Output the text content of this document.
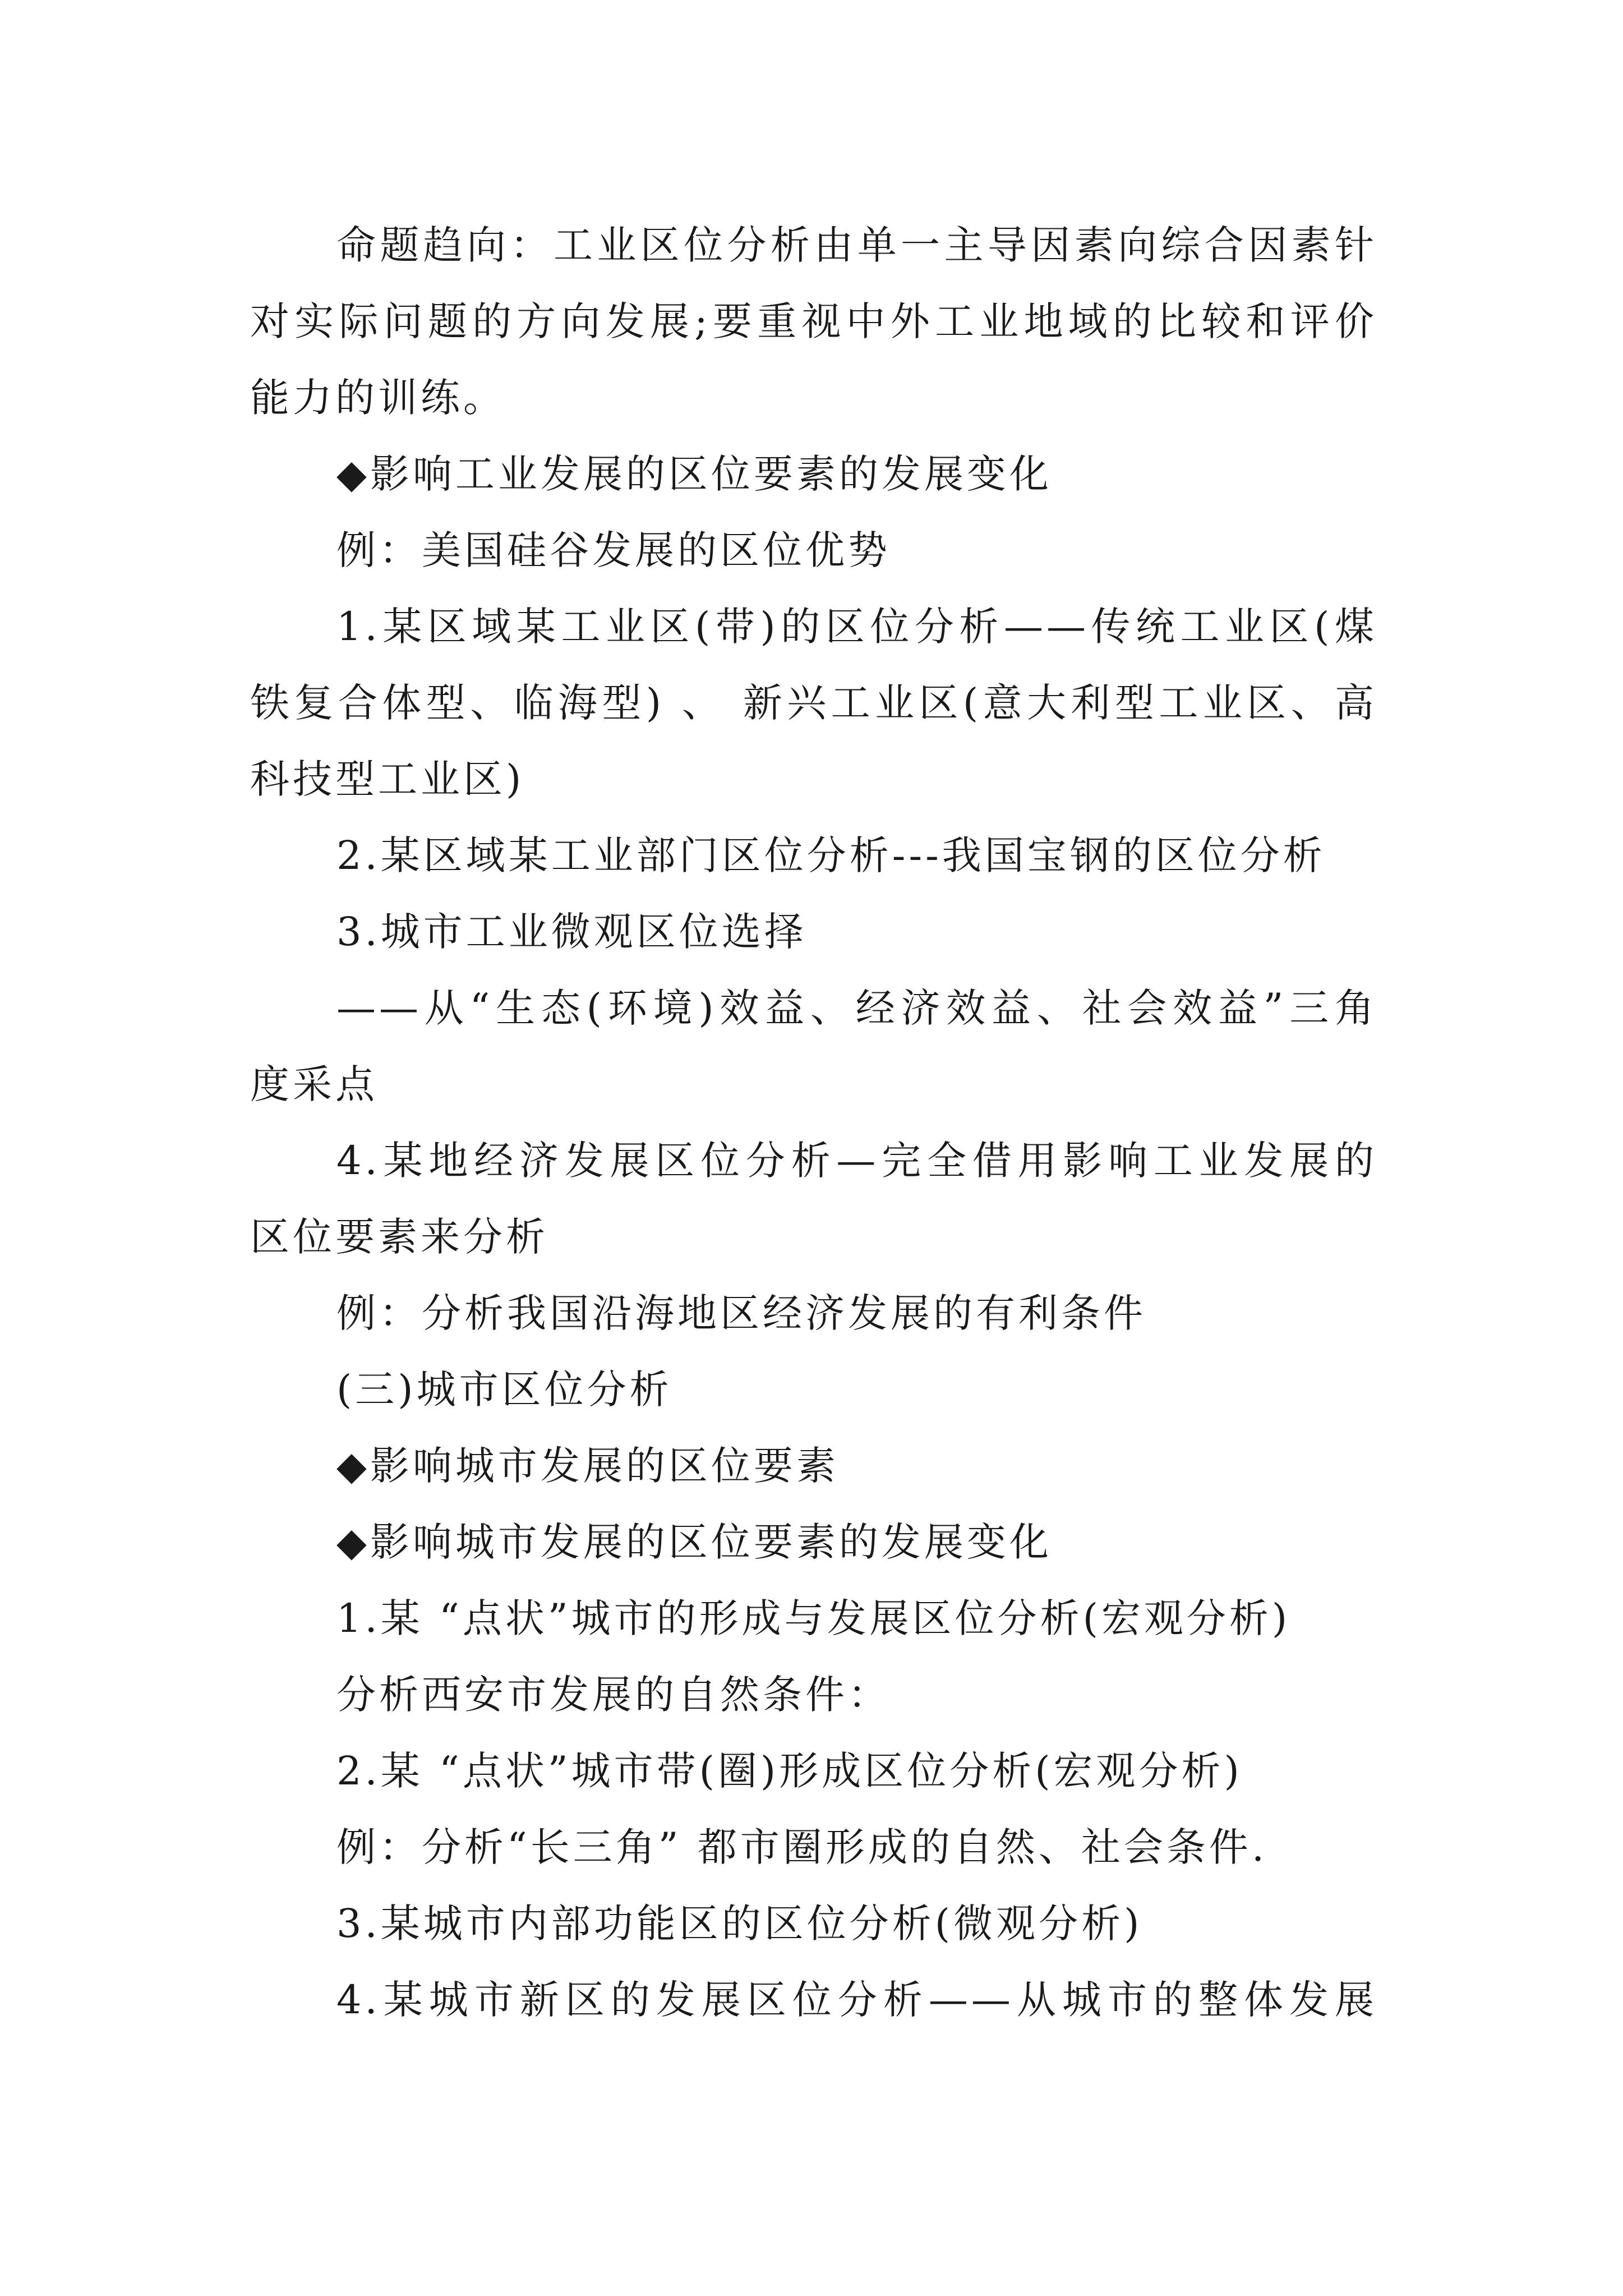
命题趋向：工业区位分析由单一主导因素向综合因素针
对实际问题的方向发展;要重视中外工业地域的比较和评价
能力的训练。
◆影响工业发展的区位要素的发展变化
例：美国硅谷发展的区位优势
1.某区域某工业区(带)的区位分析——传统工业区(煤
铁复合体型、临海型) 、 新兴工业区(意大利型工业区、高
科技型工业区)
2.某区域某工业部门区位分析---我国宝钢的区位分析
3.城市工业微观区位选择
——从“生态(环境)效益、经济效益、社会效益”三角
度采点
4.某地经济发展区位分析—完全借用影响工业发展的
区位要素来分析
例：分析我国沿海地区经济发展的有利条件
(三)城市区位分析
◆影响城市发展的区位要素
◆影响城市发展的区位要素的发展变化
1.某 “点状”城市的形成与发展区位分析(宏观分析)
分析西安市发展的自然条件：
2.某 “点状”城市带(圈)形成区位分析(宏观分析)
例：分析“长三角” 都市圈形成的自然、社会条件.
3.某城市内部功能区的区位分析(微观分析)
4.某城市新区的发展区位分析——从城市的整体发展
